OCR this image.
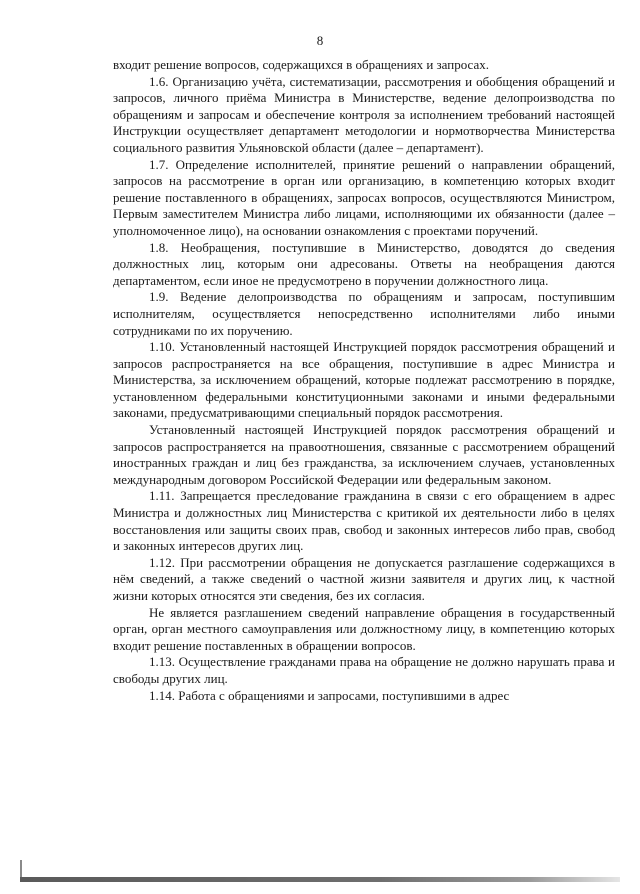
8

входит решение вопросов, содержащихся в обращениях и запросах.

1.6. Организацию учёта, систематизации, рассмотрения и обобщения обращений и запросов, личного приёма Министра в Министерстве, ведение делопроизводства по обращениям и запросам и обеспечение контроля за исполнением требований настоящей Инструкции осуществляет департамент методологии и нормотворчества Министерства социального развития Ульяновской области (далее – департамент).

1.7. Определение исполнителей, принятие решений о направлении обращений, запросов на рассмотрение в орган или организацию, в компетенцию которых входит решение поставленного в обращениях, запросах вопросов, осуществляются Министром, Первым заместителем Министра либо лицами, исполняющими их обязанности (далее – уполномоченное лицо), на основании ознакомления с проектами поручений.

1.8. Необращения, поступившие в Министерство, доводятся до сведения должностных лиц, которым они адресованы. Ответы на необращения даются департаментом, если иное не предусмотрено в поручении должностного лица.

1.9. Ведение делопроизводства по обращениям и запросам, поступившим исполнителям, осуществляется непосредственно исполнителями либо иными сотрудниками по их поручению.

1.10. Установленный настоящей Инструкцией порядок рассмотрения обращений и запросов распространяется на все обращения, поступившие в адрес Министра и Министерства, за исключением обращений, которые подлежат рассмотрению в порядке, установленном федеральными конституционными законами и иными федеральными законами, предусматривающими специальный порядок рассмотрения.

Установленный настоящей Инструкцией порядок рассмотрения обращений и запросов распространяется на правоотношения, связанные с рассмотрением обращений иностранных граждан и лиц без гражданства, за исключением случаев, установленных международным договором Российской Федерации или федеральным законом.

1.11. Запрещается преследование гражданина в связи с его обращением в адрес Министра и должностных лиц Министерства с критикой их деятельности либо в целях восстановления или защиты своих прав, свобод и законных интересов либо прав, свобод и законных интересов других лиц.

1.12. При рассмотрении обращения не допускается разглашение содержащихся в нём сведений, а также сведений о частной жизни заявителя и других лиц, к частной жизни которых относятся эти сведения, без их согласия.

Не является разглашением сведений направление обращения в государственный орган, орган местного самоуправления или должностному лицу, в компетенцию которых входит решение поставленных в обращении вопросов.

1.13. Осуществление гражданами права на обращение не должно нарушать права и свободы других лиц.

1.14. Работа с обращениями и запросами, поступившими в адрес
